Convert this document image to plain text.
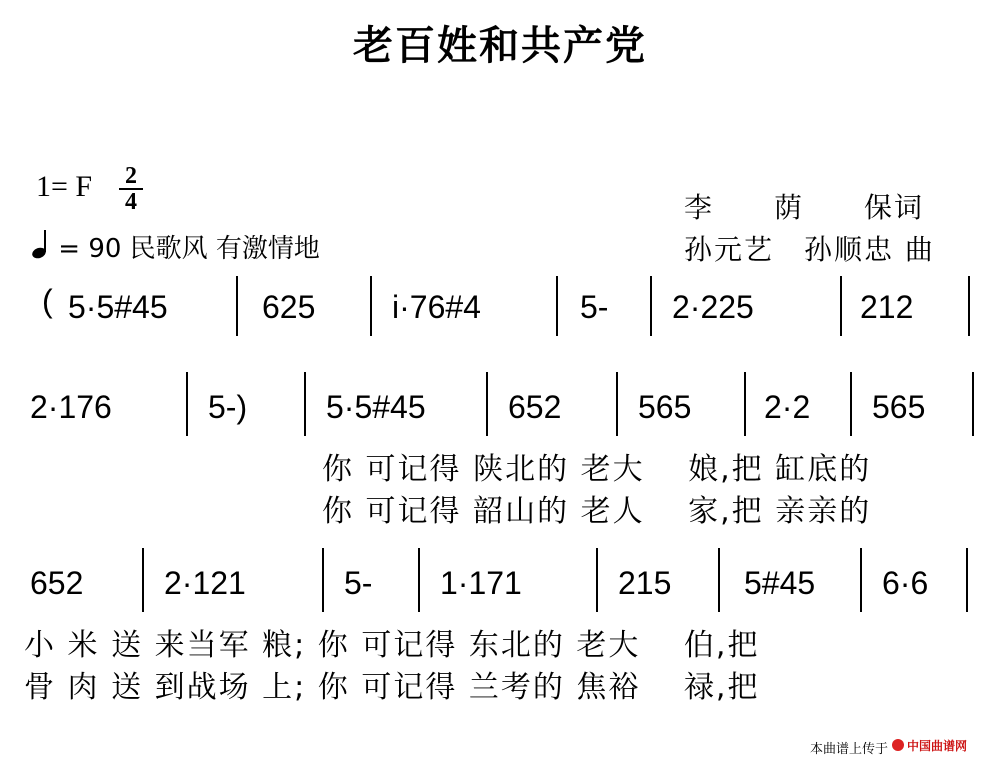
老百姓和共产党
1= F	2
4
= 90 民歌风 有激情地
李　　荫　　保词
孙元艺　孙顺忠 曲
( 5·5#45	625 i·76#4	5- 2·225	212
2·176	5-) 5·5#45	652 565 2·2 565
你 可记得 陕北的 老大　 娘,把 缸底的
你 可记得 韶山的 老人　 家,把 亲亲的
652	2·121	5- 1·171	215 5#45 6·6
小 米 送 来当军 粮; 你 可记得 东北的 老大　 伯,把
骨 肉 送 到战场 上; 你 可记得 兰考的 焦裕　 禄,把
本曲谱上传于 中国曲谱网
